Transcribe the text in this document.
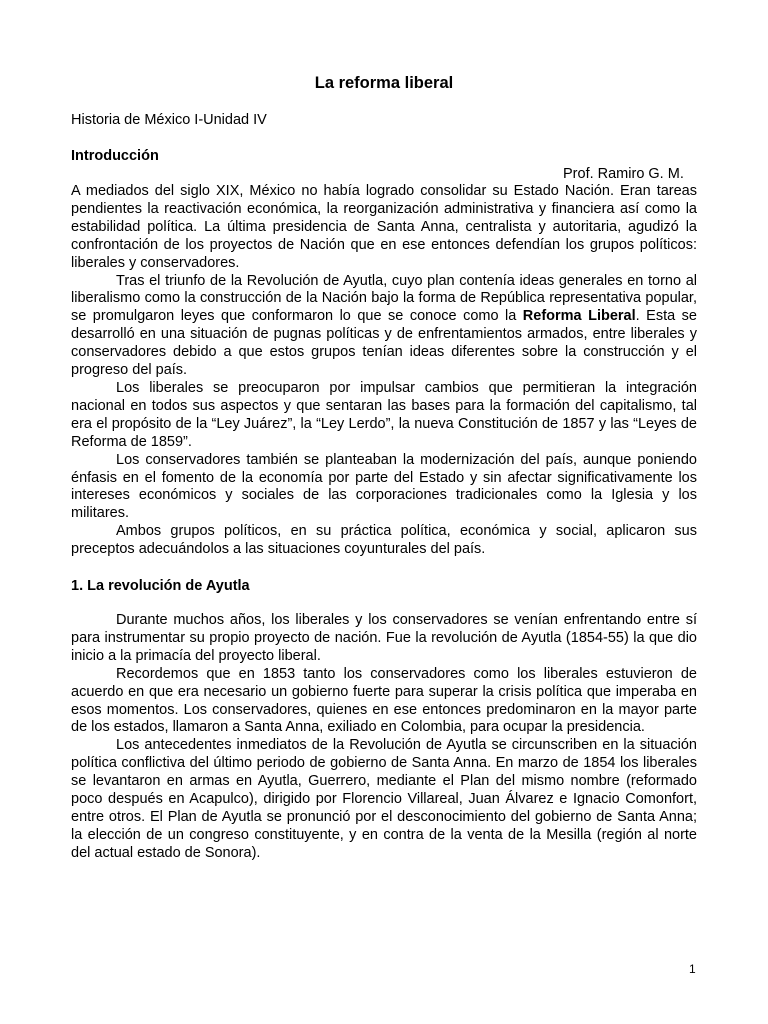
La reforma liberal
Historia de México I-Unidad IV
Introducción
Prof. Ramiro G. M.

A mediados del siglo XIX, México no había logrado consolidar su Estado Nación. Eran tareas pendientes la reactivación económica, la reorganización administrativa y financiera así como la estabilidad política. La última presidencia de Santa Anna, centralista y autoritaria, agudizó la confrontación de los proyectos de Nación que en ese entonces defendían los grupos políticos: liberales y conservadores.

Tras el triunfo de la Revolución de Ayutla, cuyo plan contenía ideas generales en torno al liberalismo como la construcción de la Nación bajo la forma de República representativa popular, se promulgaron leyes que conformaron lo que se conoce como la Reforma Liberal. Esta se desarrolló en una situación de pugnas políticas y de enfrentamientos armados, entre liberales y conservadores debido a que estos grupos tenían ideas diferentes sobre la construcción y el progreso del país.

Los liberales se preocuparon por impulsar cambios que permitieran la integración nacional en todos sus aspectos y que sentaran las bases para la formación del capitalismo, tal era el propósito de la “Ley Juárez”, la “Ley Lerdo”, la nueva Constitución de 1857 y las “Leyes de Reforma de 1859”.

Los conservadores también se planteaban la modernización del país, aunque poniendo énfasis en el fomento de la economía por parte del Estado y sin afectar significativamente los intereses económicos y sociales de las corporaciones tradicionales como la Iglesia y los militares.

Ambos grupos políticos, en su práctica política, económica y social, aplicaron sus preceptos adecuándolos a las situaciones coyunturales del país.

1. La revolución de Ayutla

Durante muchos años, los liberales y los conservadores se venían enfrentando entre sí para instrumentar su propio proyecto de nación. Fue la revolución de Ayutla (1854-55) la que dio inicio a la primacía del proyecto liberal.

Recordemos que en 1853 tanto los conservadores como los liberales estuvieron de acuerdo en que era necesario un gobierno fuerte para superar la crisis política que imperaba en esos momentos. Los conservadores, quienes en ese entonces predominaron en la mayor parte de los estados, llamaron a Santa Anna, exiliado en Colombia, para ocupar la presidencia.

Los antecedentes inmediatos de la Revolución de Ayutla se circunscriben en la situación política conflictiva del último periodo de gobierno de Santa Anna. En marzo de 1854 los liberales se levantaron en armas en Ayutla, Guerrero, mediante el Plan del mismo nombre (reformado poco después en Acapulco), dirigido por Florencio Villareal, Juan Álvarez e Ignacio Comonfort, entre otros. El Plan de Ayutla se pronunció por el desconocimiento del gobierno de Santa Anna; la elección de un congreso constituyente, y en contra de la venta de la Mesilla (región al norte del actual estado de Sonora).

1
